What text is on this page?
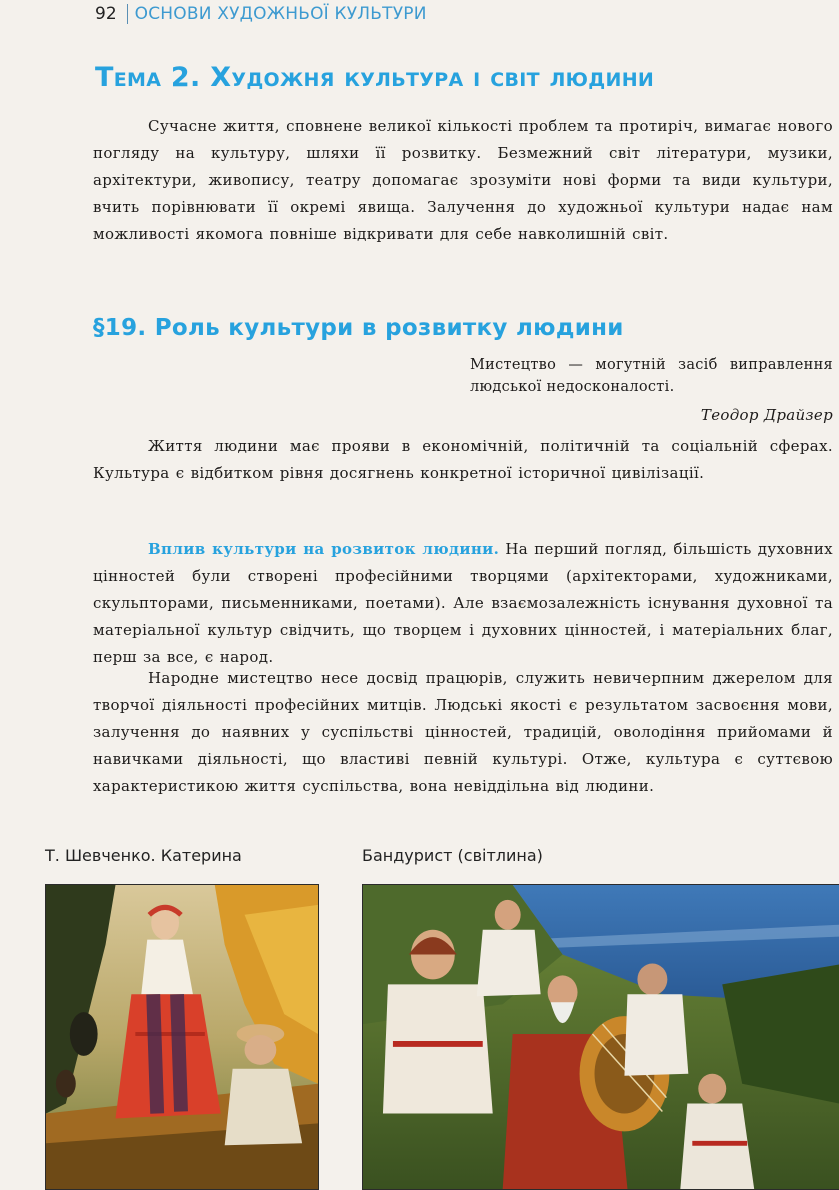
92 ОСНОВИ ХУДОЖНЬОЇ КУЛЬТУРИ
Тема 2. Художня культура і світ людини

Сучасне життя, сповнене великої кількості проблем та протиріч, вимагає нового погляду на культуру, шляхи її розвитку. Безмежний світ літератури, музики, архітектури, живопису, театру допомагає зрозуміти нові форми та види культури, вчить порівнювати її окремі явища. Залучення до художньої культури надає нам можливості якомога повніше відкривати для себе навколишній світ.

§19. Роль культури в розвитку людини

Мистецтво — могутній засіб виправлення людської недосконалості.

Теодор Драйзер

Життя людини має прояви в економічній, політичній та соціальній сферах. Культура є відбитком рівня досягнень конкретної історичної цивілізації.

Вплив культури на розвиток людини. На перший погляд, більшість духовних цінностей були створені професійними творцями (архітекторами, художниками, скульпторами, письменниками, поетами). Але взаємозалежність існування духовної та матеріальної культур свідчить, що творцем і духовних цінностей, і матеріальних благ, перш за все, є народ.

Народне мистецтво несе досвід працюрів, служить невичерпним джерелом для творчої діяльності професійних митців. Людські якості є результатом засвоєння мови, залучення до наявних у суспільстві цінностей, традицій, оволодіння прийомами й навичками діяльності, що властиві певній культурі. Отже, культура є суттєвою характеристикою життя суспільства, вона невіддільна від людини.

Т. Шевченко. Катерина	Бандурист (світлина)
